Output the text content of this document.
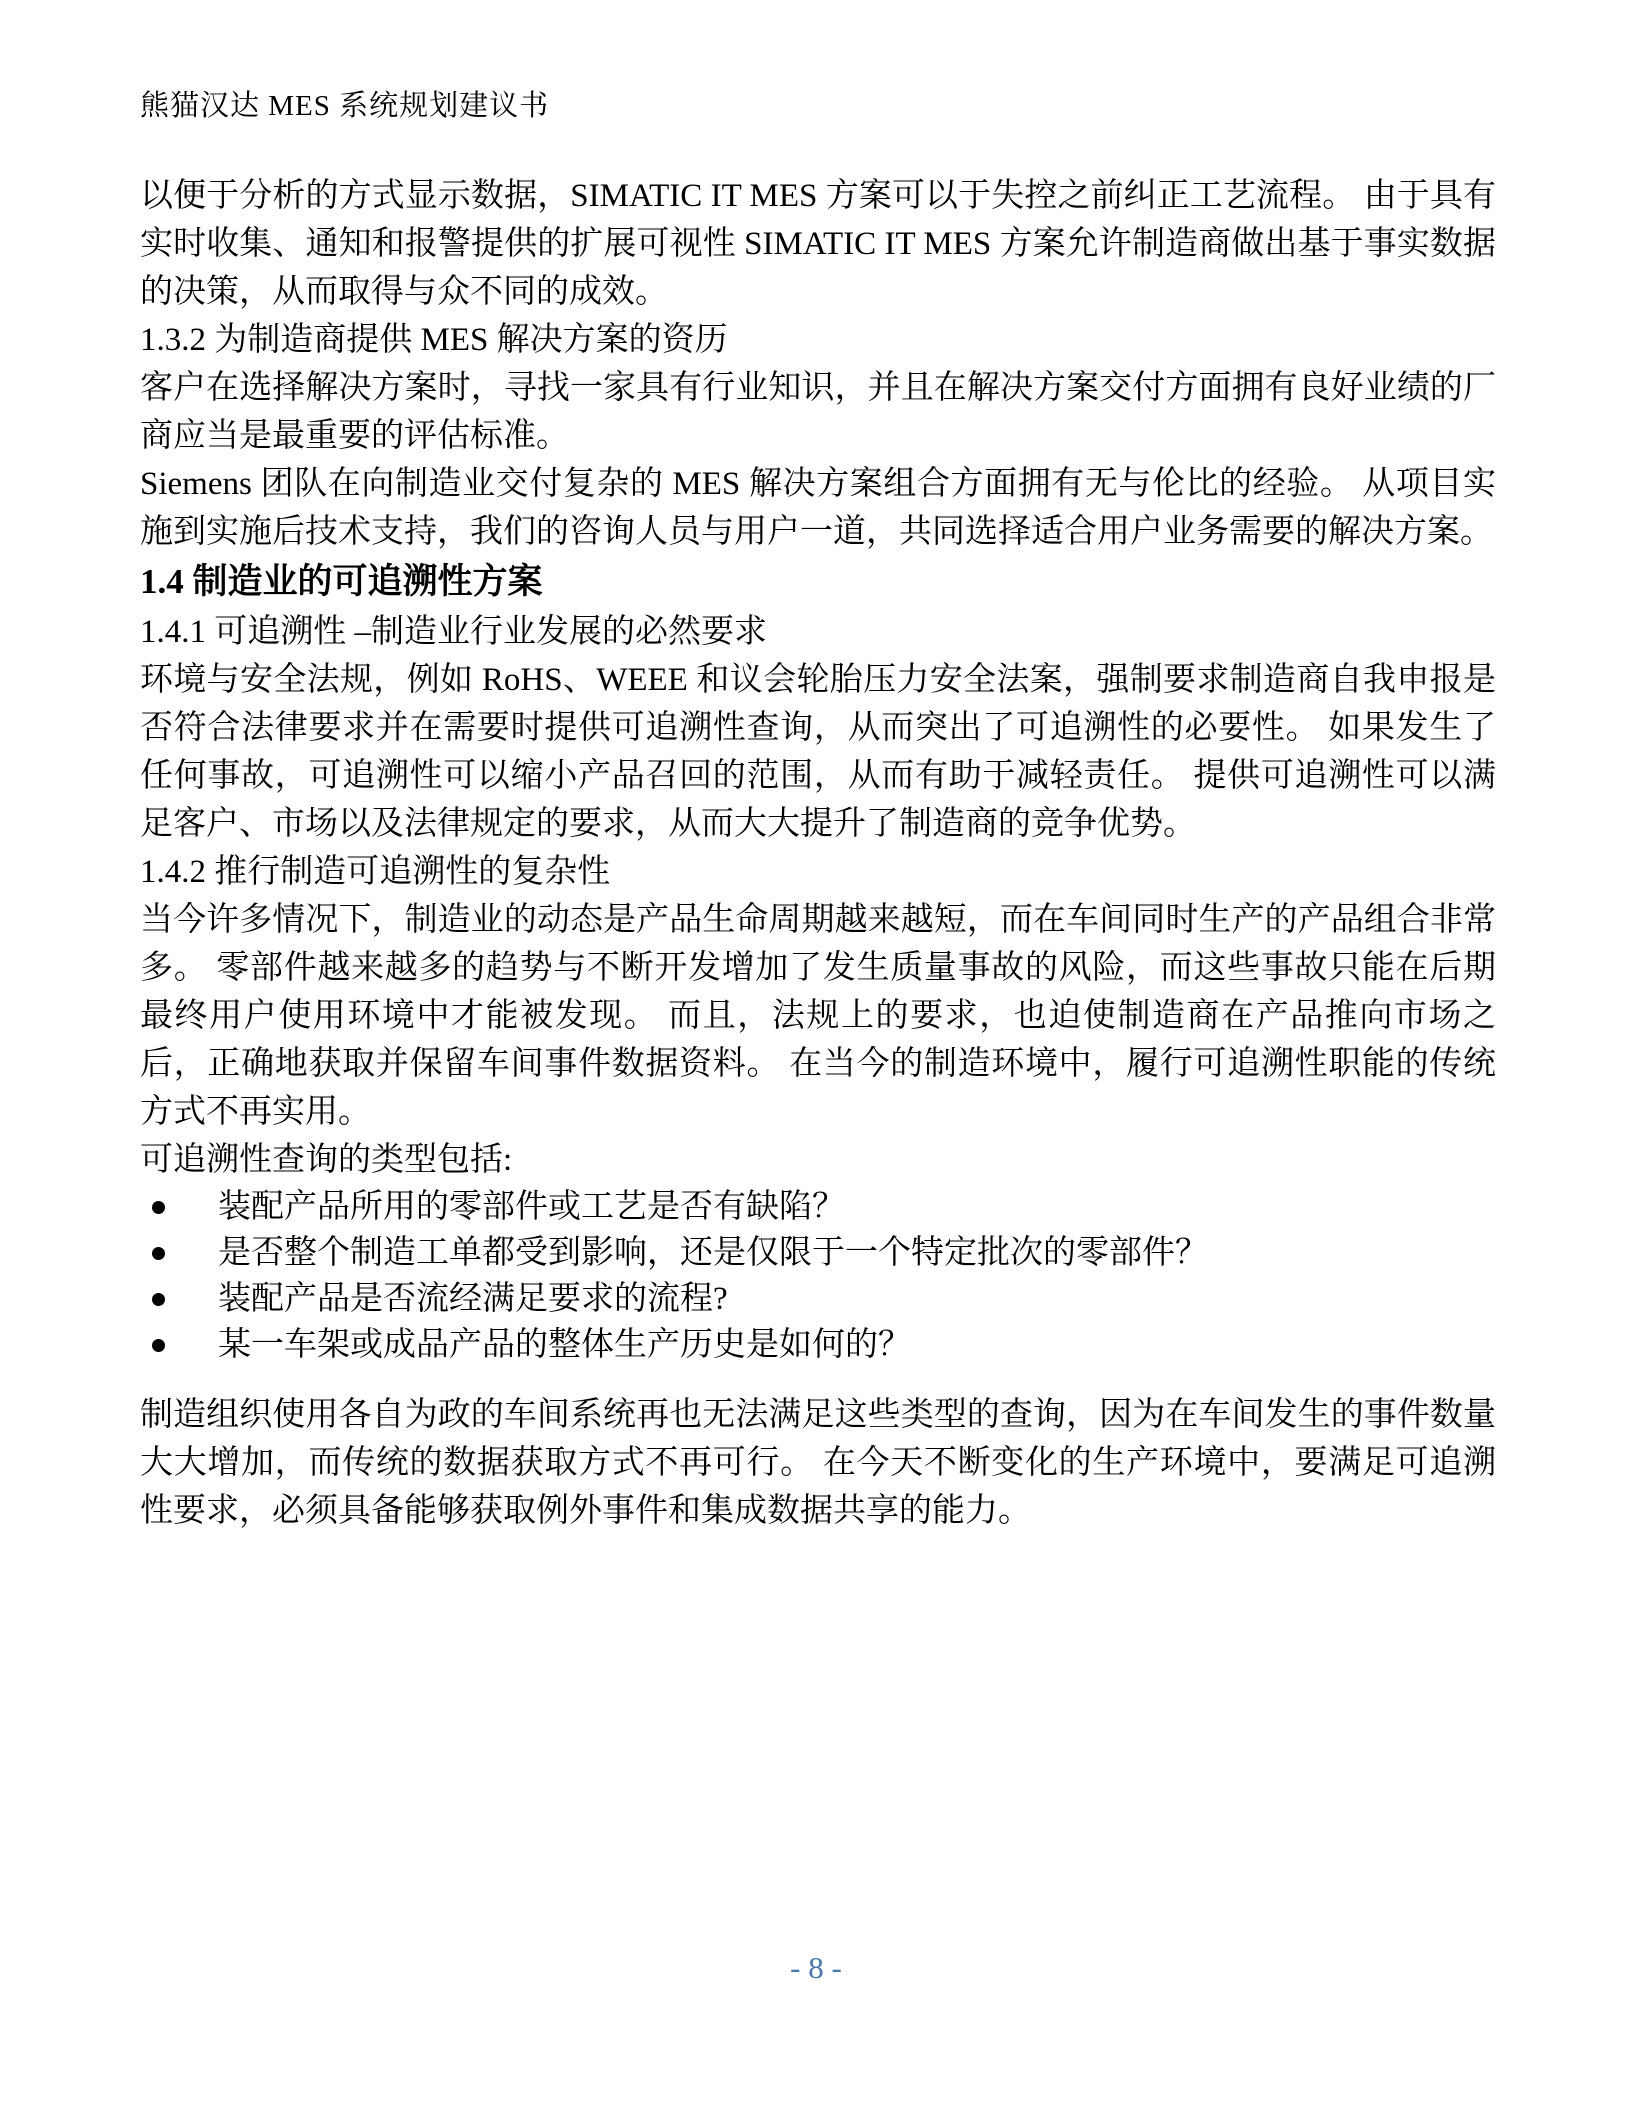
熊猫汉达 MES 系统规划建议书

以便于分析的方式显示数据，SIMATIC IT MES 方案可以于失控之前纠正工艺流程。 由于具有实时收集、通知和报警提供的扩展可视性 SIMATIC IT MES 方案允许制造商做出基于事实数据的决策，从而取得与众不同的成效。

1.3.2 为制造商提供 MES 解决方案的资历

客户在选择解决方案时，寻找一家具有行业知识，并且在解决方案交付方面拥有良好业绩的厂商应当是最重要的评估标准。

Siemens 团队在向制造业交付复杂的 MES 解决方案组合方面拥有无与伦比的经验。 从项目实施到实施后技术支持，我们的咨询人员与用户一道，共同选择适合用户业务需要的解决方案。

1.4 制造业的可追溯性方案

1.4.1 可追溯性 –制造业行业发展的必然要求

环境与安全法规，例如 RoHS、WEEE 和议会轮胎压力安全法案，强制要求制造商自我申报是否符合法律要求并在需要时提供可追溯性查询，从而突出了可追溯性的必要性。 如果发生了任何事故，可追溯性可以缩小产品召回的范围，从而有助于减轻责任。 提供可追溯性可以满足客户、市场以及法律规定的要求，从而大大提升了制造商的竞争优势。

1.4.2 推行制造可追溯性的复杂性

当今许多情况下，制造业的动态是产品生命周期越来越短，而在车间同时生产的产品组合非常多。 零部件越来越多的趋势与不断开发增加了发生质量事故的风险，而这些事故只能在后期最终用户使用环境中才能被发现。 而且，法规上的要求，也迫使制造商在产品推向市场之后，正确地获取并保留车间事件数据资料。 在当今的制造环境中，履行可追溯性职能的传统方式不再实用。

可追溯性查询的类型包括:

装配产品所用的零部件或工艺是否有缺陷？
是否整个制造工单都受到影响，还是仅限于一个特定批次的零部件？
装配产品是否流经满足要求的流程?
某一车架或成品产品的整体生产历史是如何的？

制造组织使用各自为政的车间系统再也无法满足这些类型的查询，因为在车间发生的事件数量大大增加，而传统的数据获取方式不再可行。 在今天不断变化的生产环境中，要满足可追溯性要求，必须具备能够获取例外事件和集成数据共享的能力。

- 8 -
